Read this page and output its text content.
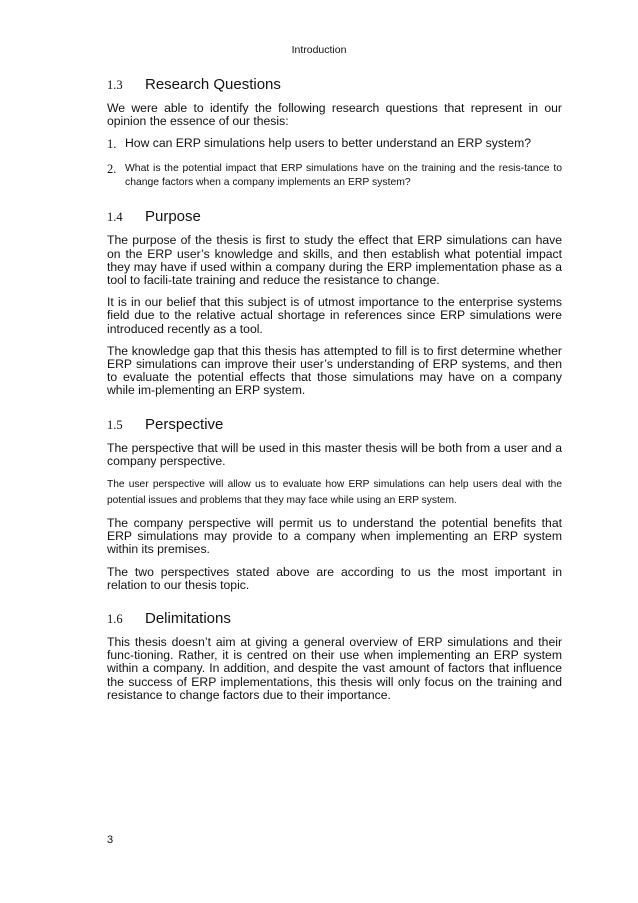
Introduction
1.3	Research Questions

We were able to identify the following research questions that represent in our opinion the essence of our thesis:

1. How can ERP simulations help users to better understand an ERP system?
2. What is the potential impact that ERP simulations have on the training and the resis-tance to change factors when a company implements an ERP system?
1.4	Purpose

The purpose of the thesis is first to study the effect that ERP simulations can have on the ERP user’s knowledge and skills, and then establish what potential impact they may have if used within a company during the ERP implementation phase as a tool to facili-tate training and reduce the resistance to change.

It is in our belief that this subject is of utmost importance to the enterprise systems field due to the relative actual shortage in references since ERP simulations were introduced recently as a tool.

The knowledge gap that this thesis has attempted to fill is to first determine whether ERP simulations can improve their user’s understanding of ERP systems, and then to evaluate the potential effects that those simulations may have on a company while im-plementing an ERP system.

1.5	Perspective

The perspective that will be used in this master thesis will be both from a user and a company perspective.

The user perspective will allow us to evaluate how ERP simulations can help users deal with the potential issues and problems that they may face while using an ERP system.

The company perspective will permit us to understand the potential benefits that ERP simulations may provide to a company when implementing an ERP system within its premises.

The two perspectives stated above are according to us the most important in relation to our thesis topic.

1.6	Delimitations

This thesis doesn’t aim at giving a general overview of ERP simulations and their func-tioning. Rather, it is centred on their use when implementing an ERP system within a company. In addition, and despite the vast amount of factors that influence the success of ERP implementations, this thesis will only focus on the training and resistance to change factors due to their importance.

3
